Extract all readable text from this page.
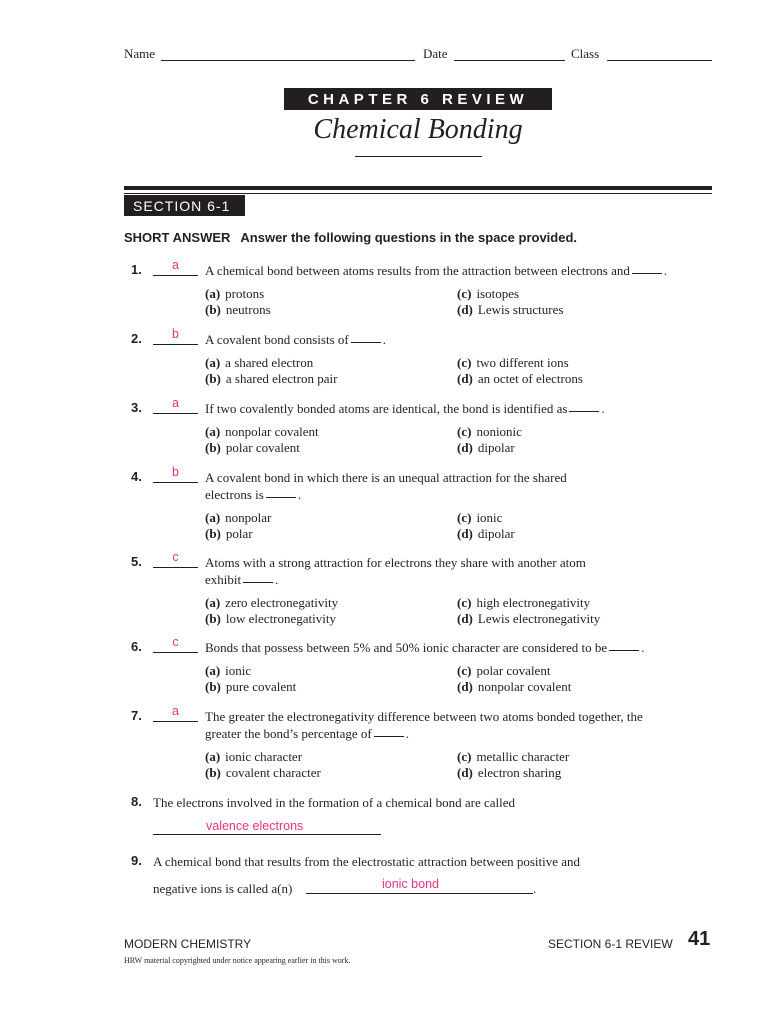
Name	Date	Class
CHAPTER 6 REVIEW
Chemical Bonding
SECTION 6-1
SHORT ANSWER Answer the following questions in the space provided.
1.	a	A chemical bond between atoms results from the attraction between electrons and	.
(a) protons
(b) neutrons
(c) isotopes
(d) Lewis structures
2.	b	A covalent bond consists of	.
(a) a shared electron
(b) a shared electron pair
(c) two different ions
(d) an octet of electrons
3.	a	If two covalently bonded atoms are identical, the bond is identified as	.
(a) nonpolar covalent
(b) polar covalent
(c) nonionic
(d) dipolar
4.	b	A covalent bond in which there is an unequal attraction for the shared
electrons is	.
(a) nonpolar
(b) polar
(c) ionic
(d) dipolar
5.	c	Atoms with a strong attraction for electrons they share with another atom
exhibit	.
(a) zero electronegativity
(b) low electronegativity
(c) high electronegativity
(d) Lewis electronegativity
6.	c	Bonds that possess between 5% and 50% ionic character are considered to be	.
(a) ionic
(b) pure covalent
(c) polar covalent
(d) nonpolar covalent
7.	a	The greater the electronegativity difference between two atoms bonded together, the
greater the bond’s percentage of	.
(a) ionic character
(b) covalent character
(c) metallic character
(d) electron sharing
8. The electrons involved in the formation of a chemical bond are called
valence electrons
9. A chemical bond that results from the electrostatic attraction between positive and
negative ions is called a(n)	ionic bond	.
MODERN CHEMISTRY	SECTION 6-1 REVIEW 41
HRW material copyrighted under notice appearing earlier in this work.
